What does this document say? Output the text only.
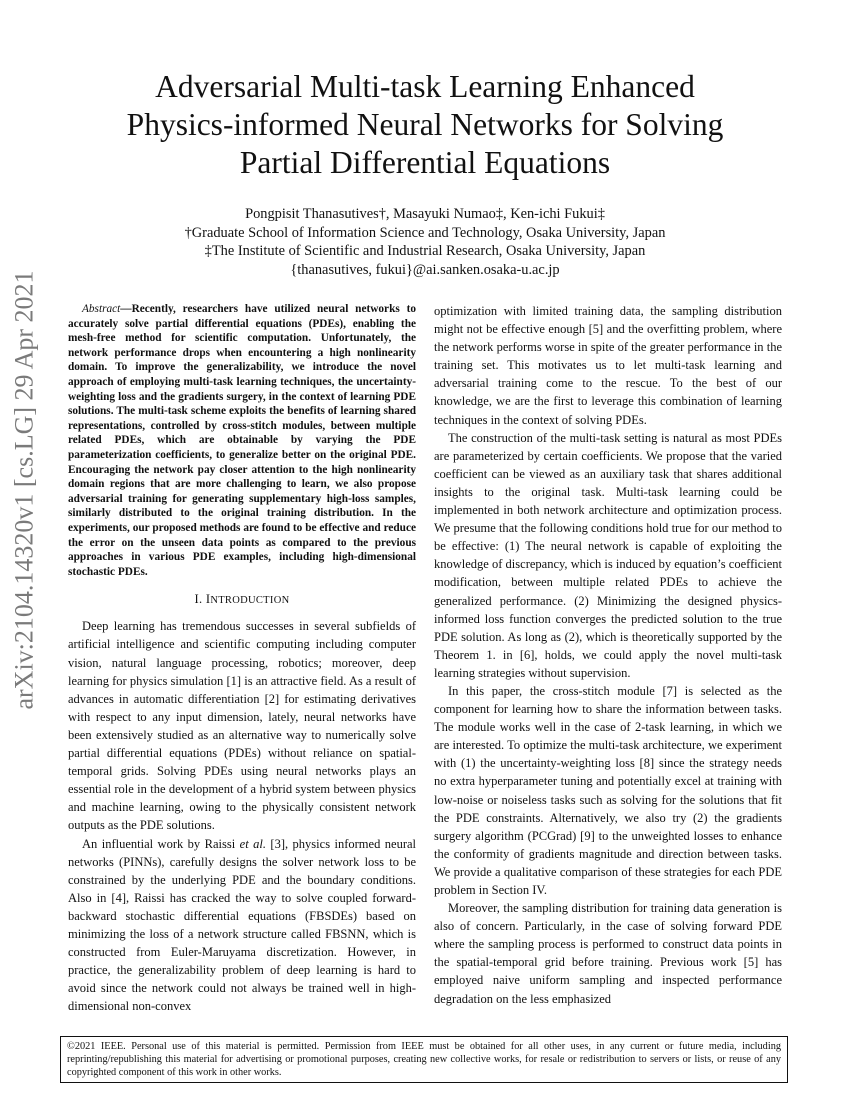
arXiv:2104.14320v1 [cs.LG] 29 Apr 2021
Adversarial Multi-task Learning Enhanced
Physics-informed Neural Networks for Solving
Partial Differential Equations
Pongpisit Thanasutives†, Masayuki Numao‡, Ken-ichi Fukui‡
†Graduate School of Information Science and Technology, Osaka University, Japan
‡The Institute of Scientific and Industrial Research, Osaka University, Japan
{thanasutives, fukui}@ai.sanken.osaka-u.ac.jp

Abstract—Recently, researchers have utilized neural networks to accurately solve partial differential equations (PDEs), enabling the mesh-free method for scientific computation. Unfortunately, the network performance drops when encountering a high nonlinearity domain. To improve the generalizability, we introduce the novel approach of employing multi-task learning techniques, the uncertainty-weighting loss and the gradients surgery, in the context of learning PDE solutions. The multi-task scheme exploits the benefits of learning shared representations, controlled by cross-stitch modules, between multiple related PDEs, which are obtainable by varying the PDE parameterization coefficients, to generalize better on the original PDE. Encouraging the network pay closer attention to the high nonlinearity domain regions that are more challenging to learn, we also propose adversarial training for generating supplementary high-loss samples, similarly distributed to the original training distribution. In the experiments, our proposed methods are found to be effective and reduce the error on the unseen data points as compared to the previous approaches in various PDE examples, including high-dimensional stochastic PDEs.

I. INTRODUCTION

Deep learning has tremendous successes in several subfields of artificial intelligence and scientific computing including computer vision, natural language processing, robotics; moreover, deep learning for physics simulation [1] is an attractive field. As a result of advances in automatic differentiation [2] for estimating derivatives with respect to any input dimension, lately, neural networks have been extensively studied as an alternative way to numerically solve partial differential equations (PDEs) without reliance on spatial-temporal grids. Solving PDEs using neural networks plays an essential role in the development of a hybrid system between physics and machine learning, owing to the physically consistent network outputs as the PDE solutions.

An influential work by Raissi et al. [3], physics informed neural networks (PINNs), carefully designs the solver network loss to be constrained by the underlying PDE and the boundary conditions. Also in [4], Raissi has cracked the way to solve coupled forward-backward stochastic differential equations (FBSDEs) based on minimizing the loss of a network structure called FBSNN, which is constructed from Euler-Maruyama discretization. However, in practice, the generalizability problem of deep learning is hard to avoid since the network could not always be trained well in high-dimensional non-convex

optimization with limited training data, the sampling distribution might not be effective enough [5] and the overfitting problem, where the network performs worse in spite of the greater performance in the training set. This motivates us to let multi-task learning and adversarial training come to the rescue. To the best of our knowledge, we are the first to leverage this combination of learning techniques in the context of solving PDEs.

The construction of the multi-task setting is natural as most PDEs are parameterized by certain coefficients. We propose that the varied coefficient can be viewed as an auxiliary task that shares additional insights to the original task. Multi-task learning could be implemented in both network architecture and optimization process. We presume that the following conditions hold true for our method to be effective: (1) The neural network is capable of exploiting the knowledge of discrepancy, which is induced by equation’s coefficient modification, between multiple related PDEs to achieve the generalized performance. (2) Minimizing the designed physics-informed loss function converges the predicted solution to the true PDE solution. As long as (2), which is theoretically supported by the Theorem 1. in [6], holds, we could apply the novel multi-task learning strategies without supervision.

In this paper, the cross-stitch module [7] is selected as the component for learning how to share the information between tasks. The module works well in the case of 2-task learning, in which we are interested. To optimize the multi-task architecture, we experiment with (1) the uncertainty-weighting loss [8] since the strategy needs no extra hyperparameter tuning and potentially excel at training with low-noise or noiseless tasks such as solving for the solutions that fit the PDE constraints. Alternatively, we also try (2) the gradients surgery algorithm (PCGrad) [9] to the unweighted losses to enhance the conformity of gradients magnitude and direction between tasks. We provide a qualitative comparison of these strategies for each PDE problem in Section IV.

Moreover, the sampling distribution for training data generation is also of concern. Particularly, in the case of solving forward PDE where the sampling process is performed to construct data points in the spatial-temporal grid before training. Previous work [5] has employed naive uniform sampling and inspected performance degradation on the less emphasized

©2021 IEEE. Personal use of this material is permitted. Permission from IEEE must be obtained for all other uses, in any current or future media, including reprinting/republishing this material for advertising or promotional purposes, creating new collective works, for resale or redistribution to servers or lists, or reuse of any copyrighted component of this work in other works.
